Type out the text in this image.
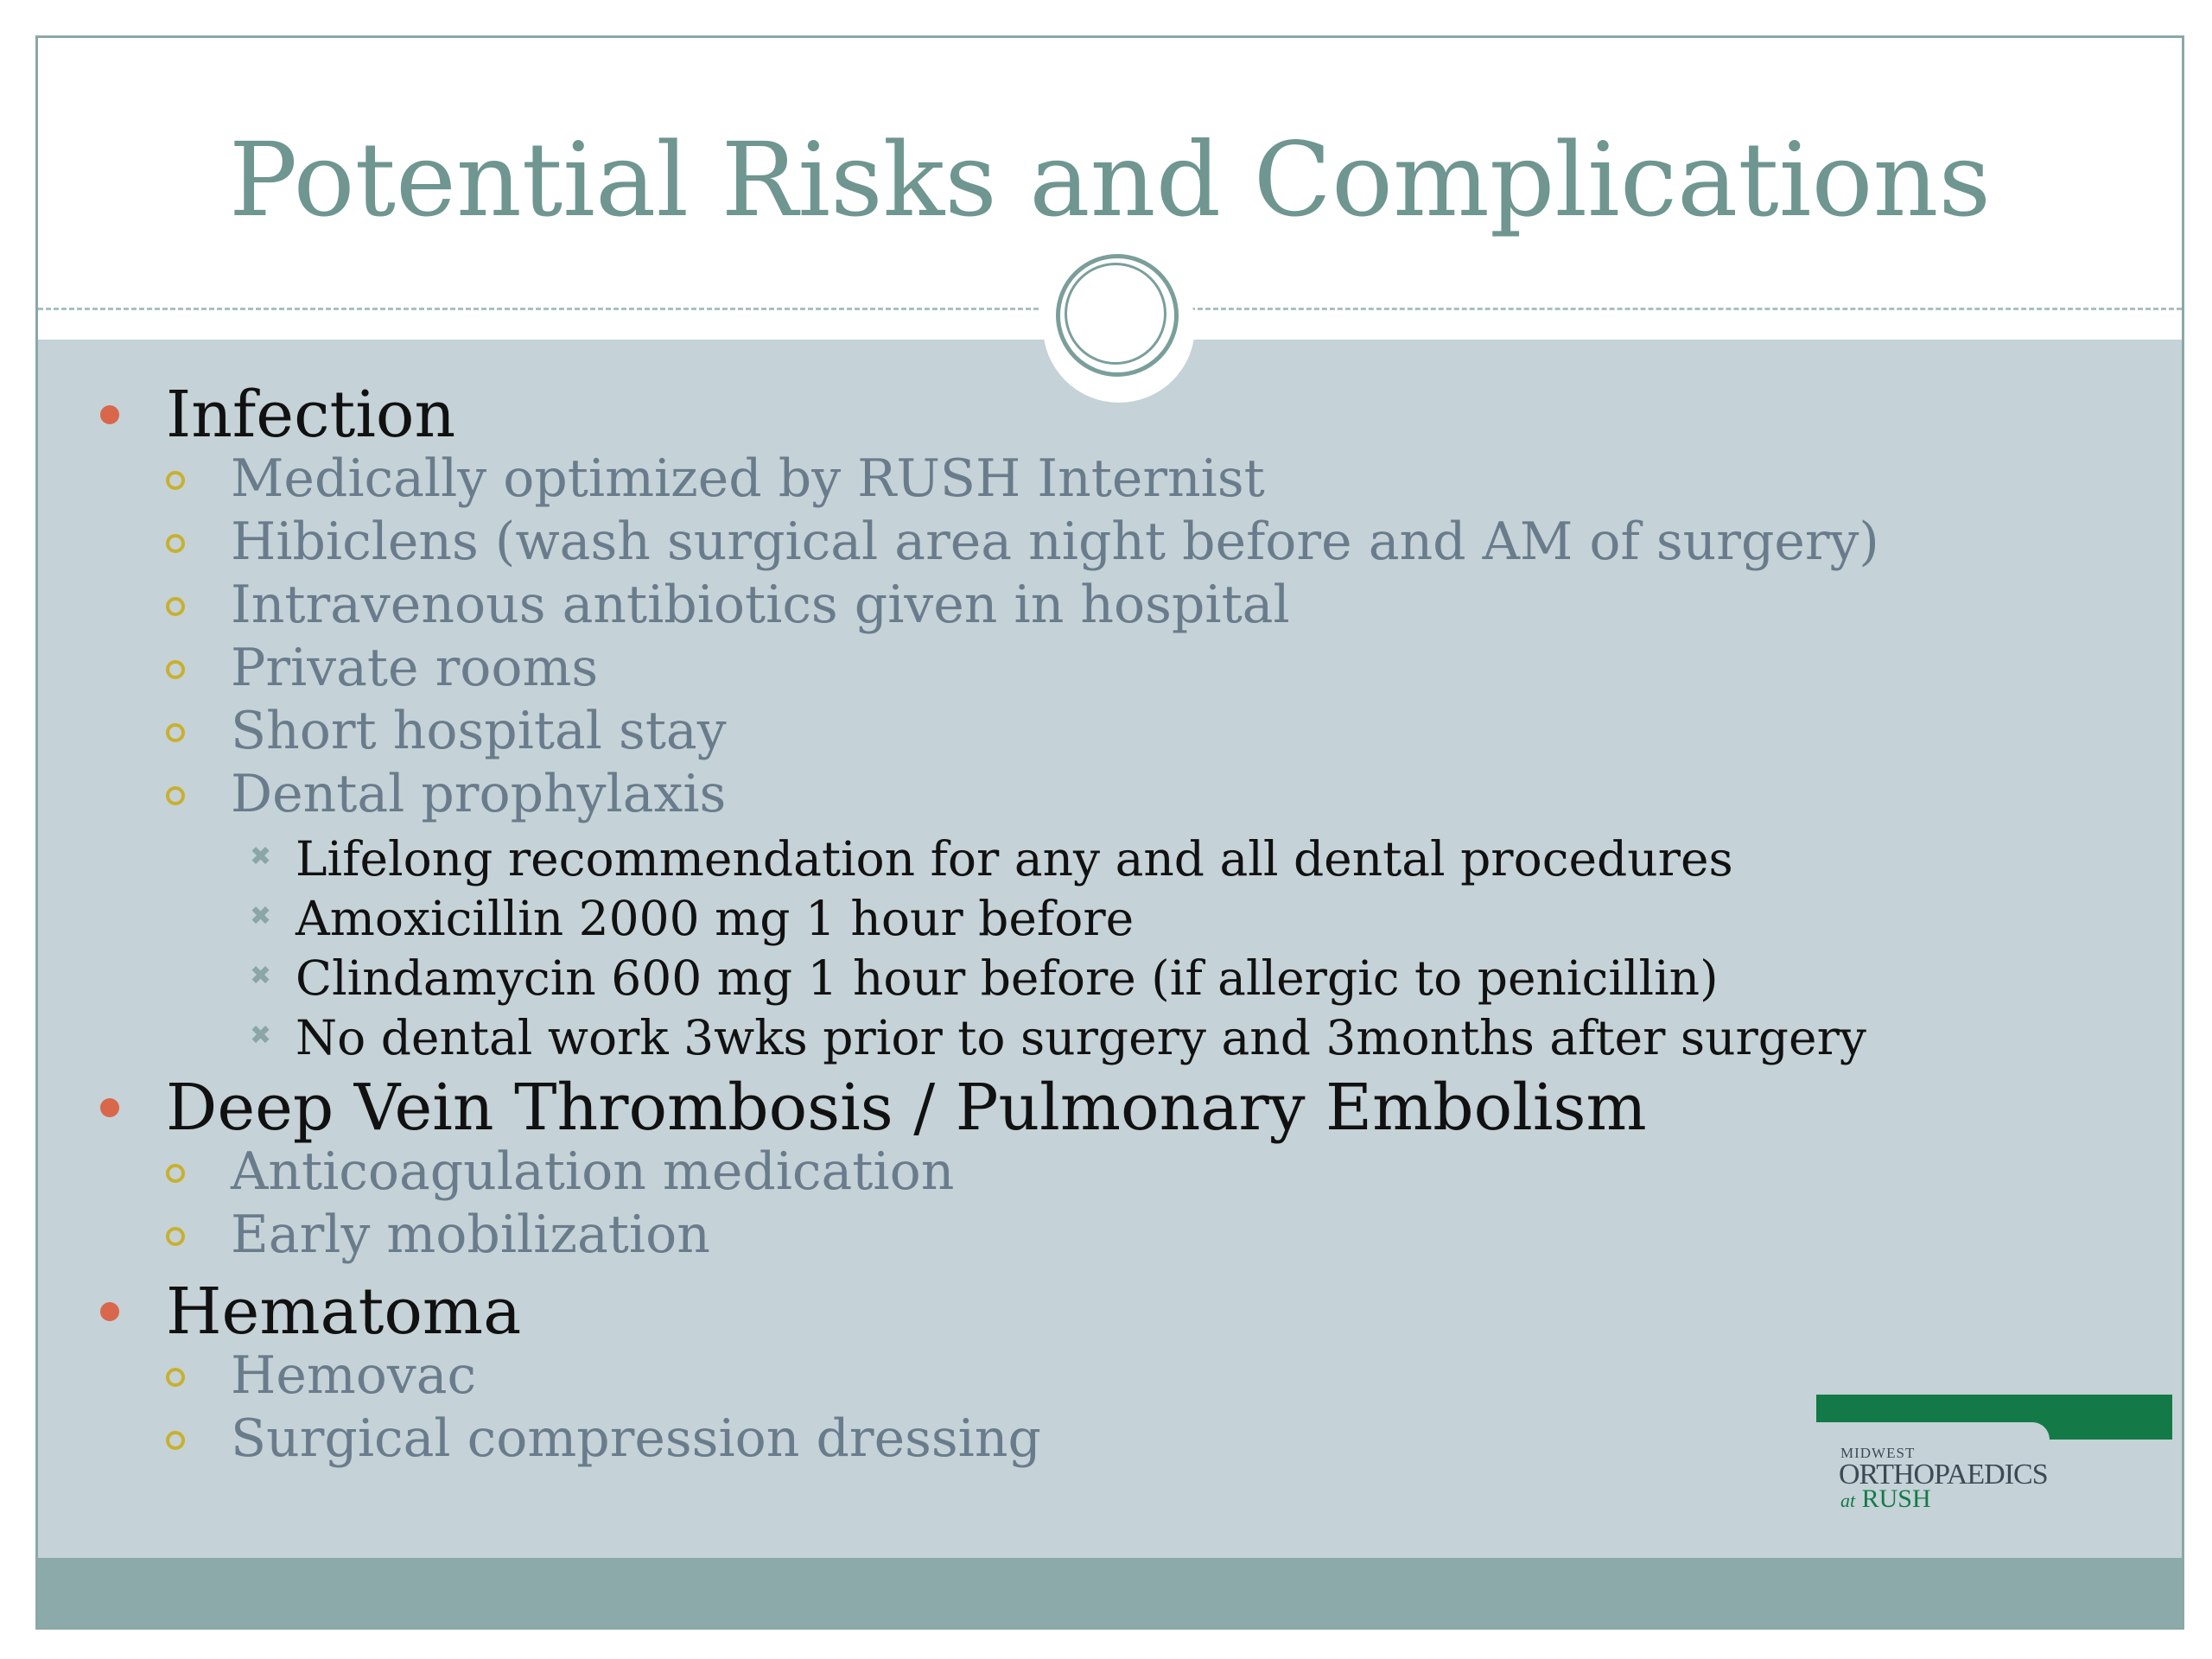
Potential Risks and Complications
Infection
Medically optimized by RUSH Internist
Hibiclens (wash surgical area night before and AM of surgery)
Intravenous antibiotics given in hospital
Private rooms
Short hospital stay
Dental prophylaxis
✖ Lifelong recommendation for any and all dental procedures
✖ Amoxicillin 2000 mg 1 hour before
✖ Clindamycin 600 mg 1 hour before (if allergic to penicillin)
✖ No dental work 3wks prior to surgery and 3months after surgery
Deep Vein Thrombosis / Pulmonary Embolism
Anticoagulation medication
Early mobilization
Hematoma
Hemovac
Surgical compression dressing	MIDWEST
ORTHOPAEDICS
at RUSH
